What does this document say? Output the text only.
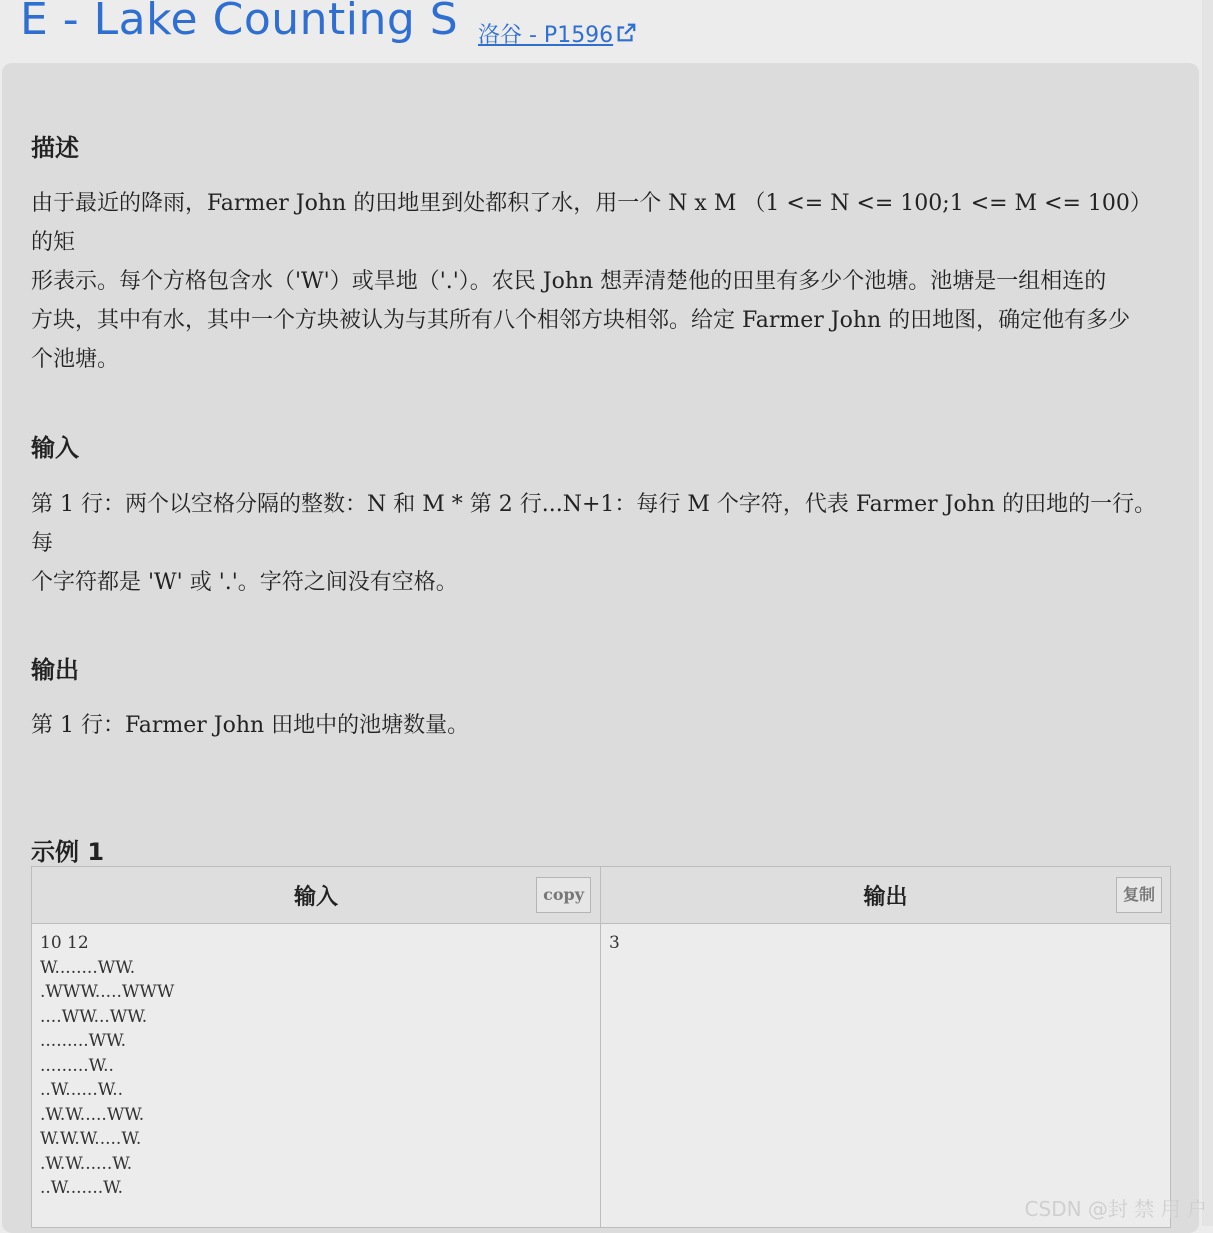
E - Lake Counting S 洛谷 - P1596
描述
由于最近的降雨，Farmer John 的田地里到处都积了水，用一个 N x M （1 <= N <= 100;1 <= M <= 100） 的矩
形表示。每个方格包含水（'W'）或旱地（'.'）。农民 John 想弄清楚他的田里有多少个池塘。池塘是一组相连的
方块，其中有水，其中一个方块被认为与其所有八个相邻方块相邻。给定 Farmer John 的田地图，确定他有多少
个池塘。
输入
第 1 行：两个以空格分隔的整数：N 和 M * 第 2 行...N+1：每行 M 个字符，代表 Farmer John 的田地的一行。每
个字符都是 'W' 或 '.'。字符之间没有空格。
输出
第 1 行：Farmer John 田地中的池塘数量。
示例 1
输入	copy
10 12
W........WW.
.WWW.....WWW
....WW...WW.
.........WW.
.........W..
..W......W..
.W.W.....WW.
W.W.W.....W.
.W.W......W.
..W.......W.
输出	复制
3
CSDN @封 禁 用 户
